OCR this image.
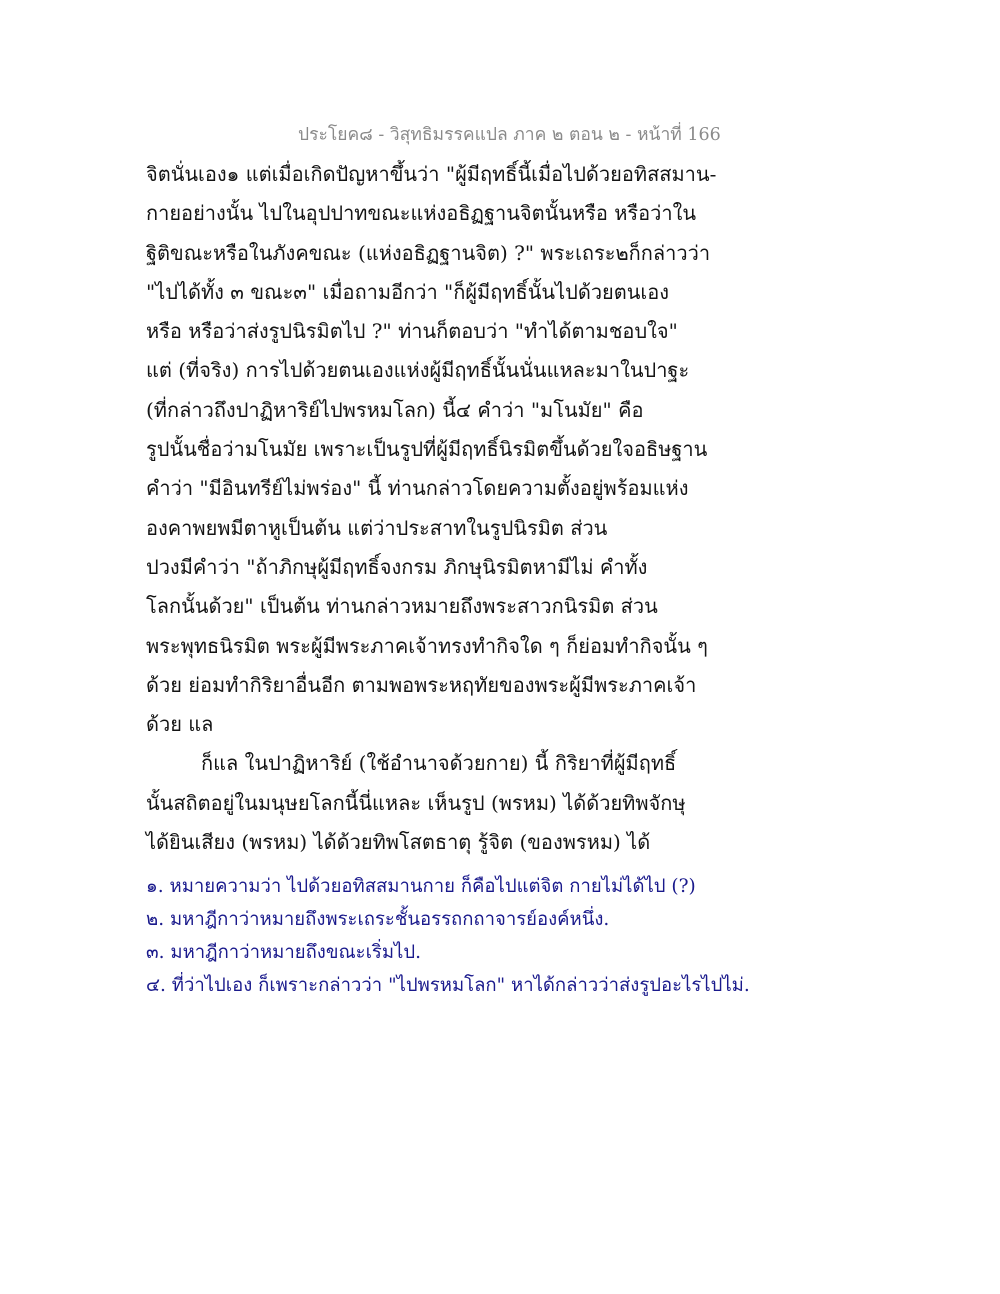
ประโยค๘ - วิสุทธิมรรคแปล ภาค ๒ ตอน ๒ - หน้าที่ 166
จิตนั่นเอง๑ แต่เมื่อเกิดปัญหาขึ้นว่า "ผู้มีฤทธิ์นี้เมื่อไปด้วยอทิสสมาน-
กายอย่างนั้น ไปในอุปปาทขณะแห่งอธิฏฐานจิตนั้นหรือ หรือว่าใน
ฐิติขณะหรือในภังคขณะ (แห่งอธิฏฐานจิต) ?" พระเถระ๒ก็กล่าวว่า
"ไปได้ทั้ง ๓ ขณะ๓" เมื่อถามอีกว่า "ก็ผู้มีฤทธิ์นั้นไปด้วยตนเอง
หรือ หรือว่าส่งรูปนิรมิตไป ?" ท่านก็ตอบว่า "ทำได้ตามชอบใจ"
แต่ (ที่จริง) การไปด้วยตนเองแห่งผู้มีฤทธิ์นั้นนั่นแหละมาในปาฐะ
(ที่กล่าวถึงปาฏิหาริย์ไปพรหมโลก) นี้๔ คำว่า "มโนมัย" คือ
รูปนั้นชื่อว่ามโนมัย เพราะเป็นรูปที่ผู้มีฤทธิ์นิรมิตขึ้นด้วยใจอธิษฐาน
คำว่า "มีอินทรีย์ไม่พร่อง" นี้ ท่านกล่าวโดยความตั้งอยู่พร้อมแห่ง
องคาพยพมีตาหูเป็นต้น แต่ว่าประสาทในรูปนิรมิต ส่วน
ปวงมีคำว่า "ถ้าภิกษุผู้มีฤทธิ์จงกรม ภิกษุนิรมิตหามีไม่ คำทั้ง
โลกนั้นด้วย" เป็นต้น ท่านกล่าวหมายถึงพระสาวกนิรมิต ส่วน
พระพุทธนิรมิต พระผู้มีพระภาคเจ้าทรงทำกิจใด ๆ ก็ย่อมทำกิจนั้น ๆ
ด้วย ย่อมทำกิริยาอื่นอีก ตามพอพระหฤทัยของพระผู้มีพระภาคเจ้า
ด้วย แล
ก็แล ในปาฏิหาริย์ (ใช้อำนาจด้วยกาย) นี้ กิริยาที่ผู้มีฤทธิ์
นั้นสถิตอยู่ในมนุษยโลกนี้นี่แหละ เห็นรูป (พรหม) ได้ด้วยทิพจักษุ
ได้ยินเสียง (พรหม) ได้ด้วยทิพโสตธาตุ รู้จิต (ของพรหม) ได้
๑. หมายความว่า ไปด้วยอทิสสมานกาย ก็คือไปแต่จิต กายไม่ได้ไป (?)
๒. มหาฎีกาว่าหมายถึงพระเถระชั้นอรรถกถาจารย์องค์หนึ่ง.
๓. มหาฎีกาว่าหมายถึงขณะเริ่มไป.
๔. ที่ว่าไปเอง ก็เพราะกล่าวว่า "ไปพรหมโลก" หาได้กล่าวว่าส่งรูปอะไรไปไม่.
